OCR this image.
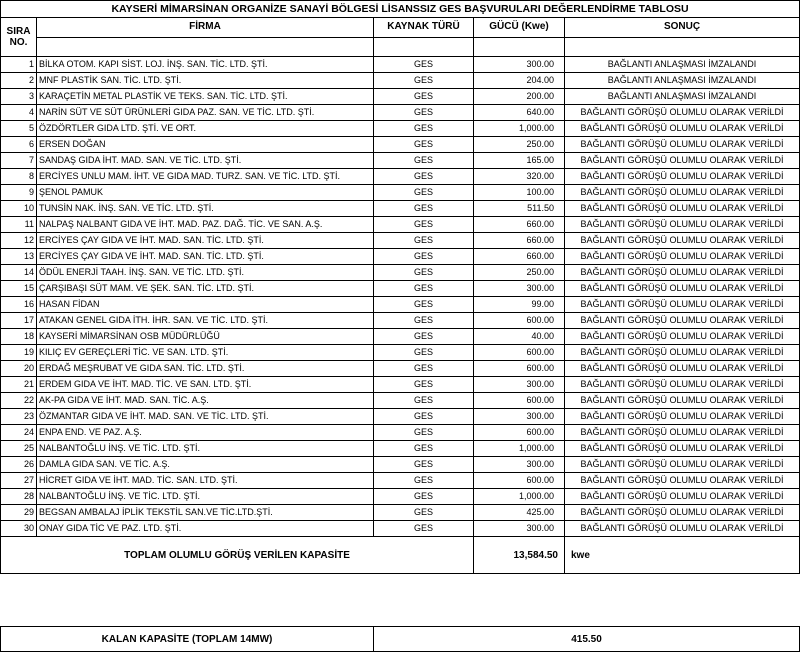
KAYSERİ MİMARSİNAN ORGANİZE SANAYİ BÖLGESİ LİSANSSIZ GES BAŞVURULARI DEĞERLENDİRME TABLOSU				
SIRA
NO.	FİRMA	KAYNAK TÜRÜ	GÜCÜ (Kwe)	SONUÇ

1	BİLKA OTOM. KAPI SİST. LOJ. İNŞ. SAN. TİC. LTD. ŞTİ.	GES	300.00	BAĞLANTI ANLAŞMASI İMZALANDI
2	MNF PLASTİK SAN. TİC. LTD. ŞTİ.	GES	204.00	BAĞLANTI ANLAŞMASI İMZALANDI
3	KARAÇETİN METAL PLASTİK VE TEKS. SAN. TİC. LTD. ŞTİ.	GES	200.00	BAĞLANTI ANLAŞMASI İMZALANDI
4	NARİN SÜT VE SÜT ÜRÜNLERİ GIDA PAZ. SAN. VE TİC. LTD. ŞTİ.	GES	640.00	BAĞLANTI GÖRÜŞÜ OLUMLU OLARAK VERİLDİ
5	ÖZDÖRTLER GIDA LTD. ŞTİ. VE ORT.	GES	1,000.00	BAĞLANTI GÖRÜŞÜ OLUMLU OLARAK VERİLDİ
6	ERSEN DOĞAN	GES	250.00	BAĞLANTI GÖRÜŞÜ OLUMLU OLARAK VERİLDİ
7	SANDAŞ GIDA İHT. MAD. SAN. VE TİC. LTD. ŞTİ.	GES	165.00	BAĞLANTI GÖRÜŞÜ OLUMLU OLARAK VERİLDİ
8	ERCİYES UNLU MAM. İHT. VE GIDA MAD. TURZ. SAN. VE TİC. LTD. ŞTİ.	GES	320.00	BAĞLANTI GÖRÜŞÜ OLUMLU OLARAK VERİLDİ
9	ŞENOL PAMUK	GES	100.00	BAĞLANTI GÖRÜŞÜ OLUMLU OLARAK VERİLDİ
10	TUNSİN NAK. İNŞ. SAN. VE TİC. LTD. ŞTİ.	GES	511.50	BAĞLANTI GÖRÜŞÜ OLUMLU OLARAK VERİLDİ
11	NALPAŞ NALBANT GIDA VE İHT. MAD. PAZ. DAĞ. TİC. VE SAN. A.Ş.	GES	660.00	BAĞLANTI GÖRÜŞÜ OLUMLU OLARAK VERİLDİ
12	ERCİYES ÇAY GIDA VE İHT. MAD. SAN. TİC. LTD. ŞTİ.	GES	660.00	BAĞLANTI GÖRÜŞÜ OLUMLU OLARAK VERİLDİ
13	ERCİYES ÇAY GIDA VE İHT. MAD. SAN. TİC. LTD. ŞTİ.	GES	660.00	BAĞLANTI GÖRÜŞÜ OLUMLU OLARAK VERİLDİ
14	ÖDÜL ENERJİ TAAH. İNŞ. SAN. VE TİC. LTD. ŞTİ.	GES	250.00	BAĞLANTI GÖRÜŞÜ OLUMLU OLARAK VERİLDİ
15	ÇARŞIBAŞI SÜT MAM. VE ŞEK. SAN. TİC. LTD. ŞTİ.	GES	300.00	BAĞLANTI GÖRÜŞÜ OLUMLU OLARAK VERİLDİ
16	HASAN FİDAN	GES	99.00	BAĞLANTI GÖRÜŞÜ OLUMLU OLARAK VERİLDİ
17	ATAKAN GENEL GIDA İTH. İHR. SAN. VE TİC. LTD. ŞTİ.	GES	600.00	BAĞLANTI GÖRÜŞÜ OLUMLU OLARAK VERİLDİ
18	KAYSERİ MİMARSİNAN OSB MÜDÜRLÜĞÜ	GES	40.00	BAĞLANTI GÖRÜŞÜ OLUMLU OLARAK VERİLDİ
19	KILIÇ EV GEREÇLERİ TİC. VE SAN. LTD. ŞTİ.	GES	600.00	BAĞLANTI GÖRÜŞÜ OLUMLU OLARAK VERİLDİ
20	ERDAĞ MEŞRUBAT VE GIDA SAN. TİC. LTD. ŞTİ.	GES	600.00	BAĞLANTI GÖRÜŞÜ OLUMLU OLARAK VERİLDİ
21	ERDEM GIDA VE İHT. MAD. TİC. VE SAN. LTD. ŞTİ.	GES	300.00	BAĞLANTI GÖRÜŞÜ OLUMLU OLARAK VERİLDİ
22	AK-PA GIDA VE İHT. MAD. SAN. TİC. A.Ş.	GES	600.00	BAĞLANTI GÖRÜŞÜ OLUMLU OLARAK VERİLDİ
23	ÖZMANTAR GIDA VE İHT. MAD. SAN. VE TİC. LTD. ŞTİ.	GES	300.00	BAĞLANTI GÖRÜŞÜ OLUMLU OLARAK VERİLDİ
24	ENPA END. VE PAZ. A.Ş.	GES	600.00	BAĞLANTI GÖRÜŞÜ OLUMLU OLARAK VERİLDİ
25	NALBANTOĞLU İNŞ. VE TİC. LTD. ŞTİ.	GES	1,000.00	BAĞLANTI GÖRÜŞÜ OLUMLU OLARAK VERİLDİ
26	DAMLA GIDA SAN. VE TİC. A.Ş.	GES	300.00	BAĞLANTI GÖRÜŞÜ OLUMLU OLARAK VERİLDİ
27	HİCRET GIDA VE İHT. MAD. TİC. SAN. LTD. ŞTİ.	GES	600.00	BAĞLANTI GÖRÜŞÜ OLUMLU OLARAK VERİLDİ
28	NALBANTOĞLU İNŞ. VE TİC. LTD. ŞTİ.	GES	1,000.00	BAĞLANTI GÖRÜŞÜ OLUMLU OLARAK VERİLDİ
29	BEGSAN AMBALAJ İPLİK TEKSTİL SAN.VE TİC.LTD.ŞTİ.	GES	425.00	BAĞLANTI GÖRÜŞÜ OLUMLU OLARAK VERİLDİ
30	ONAY GIDA TİC VE PAZ. LTD. ŞTİ.	GES	300.00	BAĞLANTI GÖRÜŞÜ OLUMLU OLARAK VERİLDİ
TOPLAM OLUMLU GÖRÜŞ VERİLEN KAPASİTE			13,584.50	kwe
KALAN KAPASİTE (TOPLAM 14MW)	415.50
